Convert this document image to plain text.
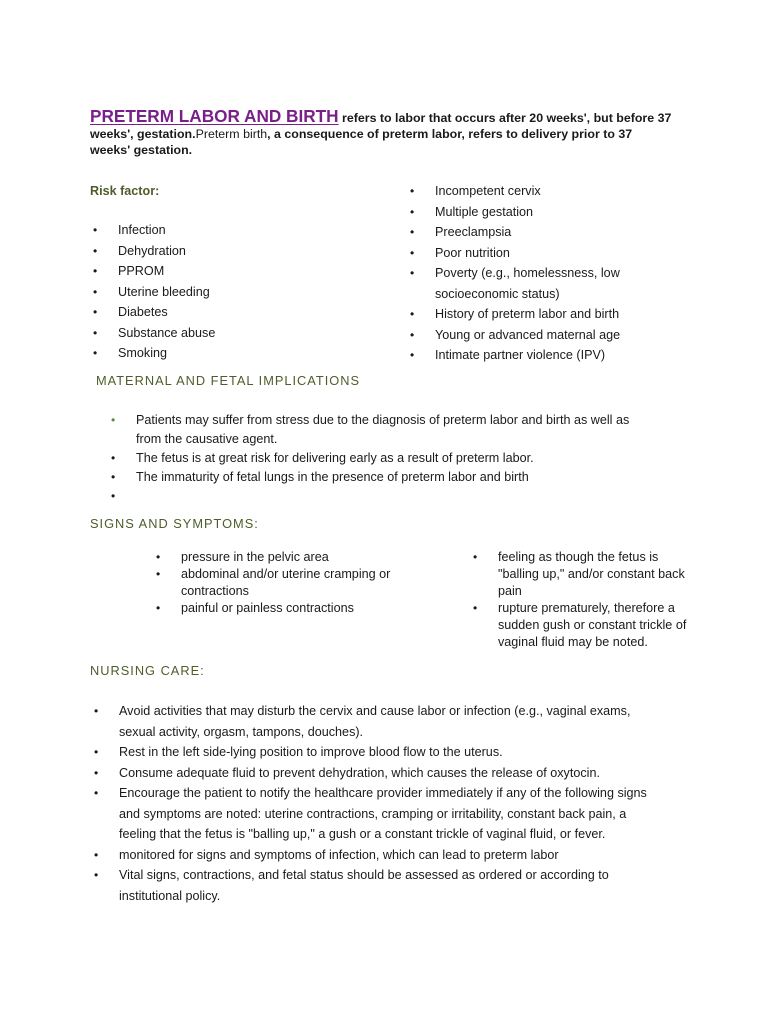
PRETERM LABOR AND BIRTH refers to labor that occurs after 20 weeks', but before 37 weeks', gestation.Preterm birth, a consequence of preterm labor, refers to delivery prior to 37 weeks' gestation.
Risk factor:
• Infection
• Dehydration
• PPROM
• Uterine bleeding
• Diabetes
• Substance abuse
• Smoking
• Incompetent cervix
• Multiple gestation
• Preeclampsia
• Poor nutrition
• Poverty (e.g., homelessness, low socioeconomic status)
• History of preterm labor and birth
• Young or advanced maternal age
• Intimate partner violence (IPV)
MATERNAL AND FETAL IMPLICATIONS
• Patients may suffer from stress due to the diagnosis of preterm labor and birth as well as from the causative agent.
• The fetus is at great risk for delivering early as a result of preterm labor.
• The immaturity of fetal lungs in the presence of preterm labor and birth
•
SIGNS AND SYMPTOMS:
• pressure in the pelvic area
• abdominal and/or uterine cramping or contractions
• painful or painless contractions
• feeling as though the fetus is "balling up," and/or constant back pain
• rupture prematurely, therefore a sudden gush or constant trickle of vaginal fluid may be noted.
NURSING CARE:
• Avoid activities that may disturb the cervix and cause labor or infection (e.g., vaginal exams, sexual activity, orgasm, tampons, douches).
• Rest in the left side-lying position to improve blood flow to the uterus.
• Consume adequate fluid to prevent dehydration, which causes the release of oxytocin.
• Encourage the patient to notify the healthcare provider immediately if any of the following signs and symptoms are noted: uterine contractions, cramping or irritability, constant back pain, a feeling that the fetus is "balling up," a gush or a constant trickle of vaginal fluid, or fever.
• monitored for signs and symptoms of infection, which can lead to preterm labor
• Vital signs, contractions, and fetal status should be assessed as ordered or according to institutional policy.
